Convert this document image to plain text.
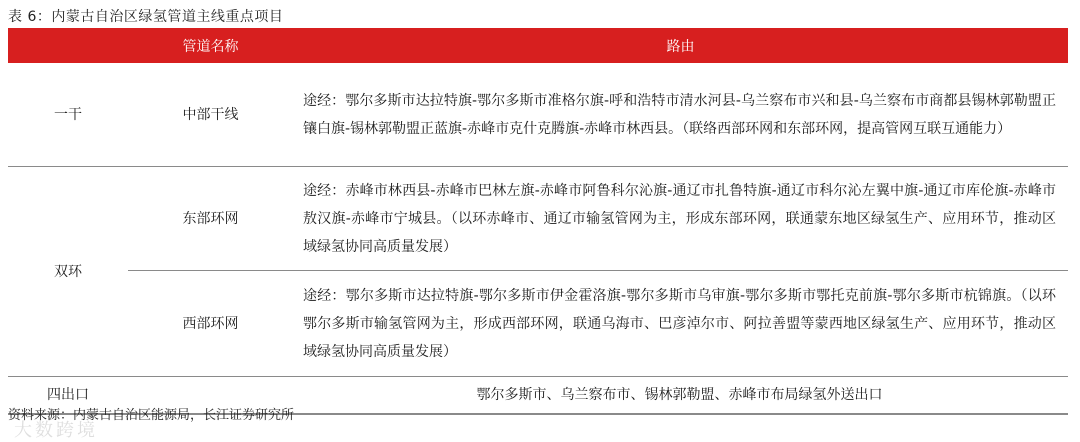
表 6：内蒙古自治区绿氢管道主线重点项目
	管道名称	路由
一干	中部干线	途经：鄂尔多斯市达拉特旗-鄂尔多斯市准格尔旗-呼和浩特市清水河县-乌兰察布市兴和县-乌兰察布市商都县锡林郭勒盟正镶白旗-锡林郭勒盟正蓝旗-赤峰市克什克腾旗-赤峰市林西县。（联络西部环网和东部环网，提高管网互联互通能力）
双环	东部环网	途经：赤峰市林西县-赤峰市巴林左旗-赤峰市阿鲁科尔沁旗-通辽市扎鲁特旗-通辽市科尔沁左翼中旗-通辽市库伦旗-赤峰市敖汉旗-赤峰市宁城县。（以环赤峰市、通辽市输氢管网为主，形成东部环网，联通蒙东地区绿氢生产、应用环节，推动区域绿氢协同高质量发展）
	西部环网	途经：鄂尔多斯市达拉特旗-鄂尔多斯市伊金霍洛旗-鄂尔多斯市乌审旗-鄂尔多斯市鄂托克前旗-鄂尔多斯市杭锦旗。（以环鄂尔多斯市输氢管网为主，形成西部环网，联通乌海市、巴彦淖尔市、阿拉善盟等蒙西地区绿氢生产、应用环节，推动区域绿氢协同高质量发展）
四出口		鄂尔多斯市、乌兰察布市、锡林郭勒盟、赤峰市布局绿氢外送出口
资料来源：内蒙古自治区能源局，长江证券研究所
大数跨境
